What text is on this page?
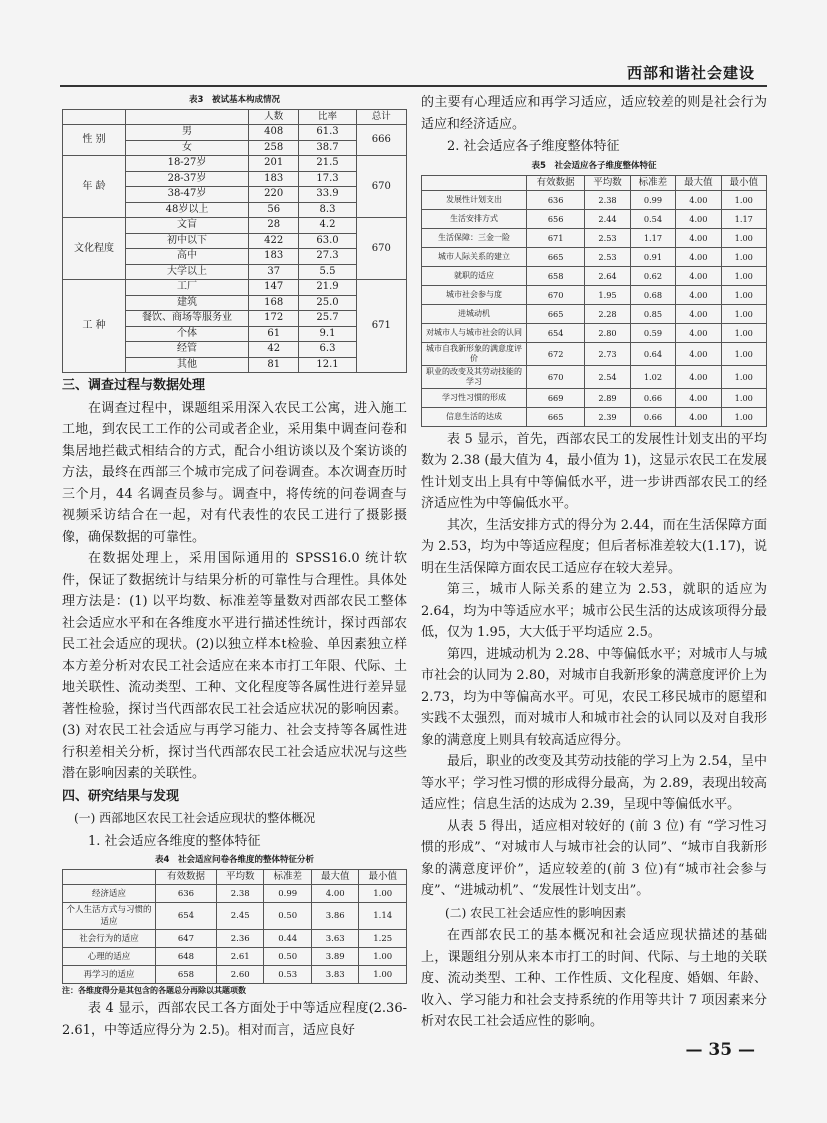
西部和谐社会建设
表3　被试基本构成情况
		人数	比率	总计
性 别	男	408	61.3	666
	女	258	38.7	
年 龄	18-27岁	201	21.5	670
	28-37岁	183	17.3	
	38-47岁	220	33.9	
	48岁以上	56	8.3	
文化程度	文盲	28	4.2	670
	初中以下	422	63.0	
	高中	183	27.3	
	大学以上	37	5.5	
工 种	工厂	147	21.9	671
	建筑	168	25.0	
	餐饮、商场等服务业	172	25.7	
	个体	61	9.1	
	经管	42	6.3	
	其他	81	12.1	
三、调查过程与数据处理

在调查过程中，课题组采用深入农民工公寓，进入施工工地，到农民工工作的公司或者企业，采用集中调查问卷和集居地拦截式相结合的方式，配合小组访谈以及个案访谈的方法，最终在西部三个城市完成了问卷调查。本次调查历时三个月，44 名调查员参与。调查中，将传统的问卷调查与视频采访结合在一起，对有代表性的农民工进行了摄影摄像，确保数据的可靠性。

在数据处理上，采用国际通用的 SPSS16.0 统计软件，保证了数据统计与结果分析的可靠性与合理性。具体处理方法是：(1) 以平均数、标准差等量数对西部农民工整体社会适应水平和在各维度水平进行描述性统计，探讨西部农民工社会适应的现状。(2)以独立样本t检验、单因素独立样本方差分析对农民工社会适应在来本市打工年限、代际、土地关联性、流动类型、工种、文化程度等各属性进行差异显著性检验，探讨当代西部农民工社会适应状况的影响因素。(3) 对农民工社会适应与再学习能力、社会支持等各属性进行积差相关分析，探讨当代西部农民工社会适应状况与这些潜在影响因素的关联性。

四、研究结果与发现
(一) 西部地区农民工社会适应现状的整体概况
1. 社会适应各维度的整体特征
表4　社会适应问卷各维度的整体特征分析
	有效数据	平均数	标准差	最大值	最小值
经济适应	636	2.38	0.99	4.00	1.00
个人生活方式与习惯的适应	654	2.45	0.50	3.86	1.14
社会行为的适应	647	2.36	0.44	3.63	1.25
心理的适应	648	2.61	0.50	3.89	1.00
再学习的适应	658	2.60	0.53	3.83	1.00
注：各维度得分是其包含的各题总分再除以其题项数

表 4 显示，西部农民工各方面处于中等适应程度(2.36-2.61，中等适应得分为 2.5)。相对而言，适应良好

的主要有心理适应和再学习适应，适应较差的则是社会行为适应和经济适应。

2. 社会适应各子维度整体特征
表5　社会适应各子维度整体特征
	有效数据	平均数	标准差	最大值	最小值
发展性计划支出	636	2.38	0.99	4.00	1.00
生活安排方式	656	2.44	0.54	4.00	1.17
生活保障：三金一险	671	2.53	1.17	4.00	1.00
城市人际关系的建立	665	2.53	0.91	4.00	1.00
就职的适应	658	2.64	0.62	4.00	1.00
城市社会参与度	670	1.95	0.68	4.00	1.00
进城动机	665	2.28	0.85	4.00	1.00
对城市人与城市社会的认同	654	2.80	0.59	4.00	1.00
城市自我新形象的满意度评价	672	2.73	0.64	4.00	1.00
职业的改变及其劳动技能的学习	670	2.54	1.02	4.00	1.00
学习性习惯的形成	669	2.89	0.66	4.00	1.00
信息生活的达成	665	2.39	0.66	4.00	1.00

表 5 显示，首先，西部农民工的发展性计划支出的平均数为 2.38 (最大值为 4，最小值为 1)，这显示农民工在发展性计划支出上具有中等偏低水平，进一步讲西部农民工的经济适应性为中等偏低水平。

其次，生活安排方式的得分为 2.44，而在生活保障方面为 2.53，均为中等适应程度；但后者标准差较大(1.17)，说明在生活保障方面农民工适应存在较大差异。

第三，城市人际关系的建立为 2.53，就职的适应为 2.64，均为中等适应水平；城市公民生活的达成该项得分最低，仅为 1.95，大大低于平均适应 2.5。

第四，进城动机为 2.28、中等偏低水平；对城市人与城市社会的认同为 2.80，对城市自我新形象的满意度评价上为 2.73，均为中等偏高水平。可见，农民工移民城市的愿望和实践不太强烈，而对城市人和城市社会的认同以及对自我形象的满意度上则具有较高适应得分。

最后，职业的改变及其劳动技能的学习上为 2.54，呈中等水平；学习性习惯的形成得分最高，为 2.89，表现出较高适应性；信息生活的达成为 2.39，呈现中等偏低水平。

从表 5 得出，适应相对较好的 (前 3 位) 有 “学习性习惯的形成”、“对城市人与城市社会的认同”、“城市自我新形象的满意度评价”，适应较差的(前 3 位)有“城市社会参与度”、“进城动机”、“发展性计划支出”。

(二) 农民工社会适应性的影响因素

在西部农民工的基本概况和社会适应现状描述的基础上，课题组分别从来本市打工的时间、代际、与土地的关联度、流动类型、工种、工作性质、文化程度、婚姻、年龄、收入、学习能力和社会支持系统的作用等共计 7 项因素来分析对农民工社会适应性的影响。

— 35 —
